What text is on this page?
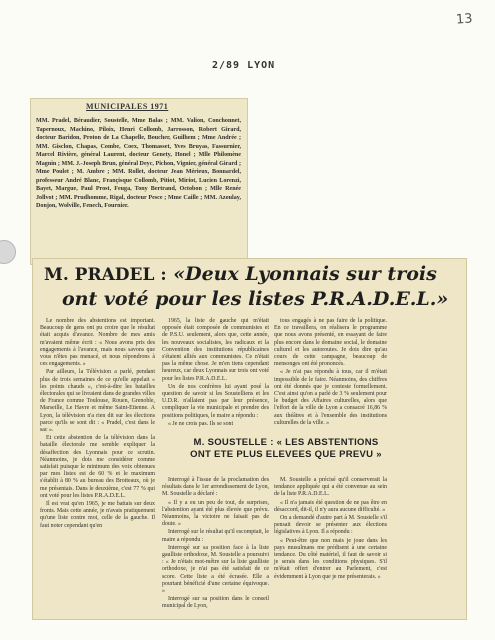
13
2/89 LYON
MUNICIPALES 1971
MM. Pradel, Béraudier, Soustelle, Mme Balas ; MM. Valion, Conchonnet, Tapernoux, Machino, Piloix, Henri Collomb, Jarrosson, Robert Girard, docteur Baridon, Proton de La Chapelle, Boucher, Guilhem ; Mme Andrée ; MM. Gisclon, Chapas, Combe, Coex, Thomasset, Yves Bruyas, Fassurnier, Marcel Rivière, général Laurent, docteur Genety, Honel ; Mlle Philomène Magnin ; MM. J.-Joseph Brun, général Deyc, Pichon, Vignier, général Girard ; Mme Poulet ; M. Ambre ; MM. Rollet, docteur Jean Mérieux, Bonnardel, professeur André Blanc, Françisque Collomb, Pitiot, Miriot, Lucien Lorenzi, Bayet, Margue, Paul Prost, Feuga, Tony Bertrand, Octobon ; Mlle Renée Jollvot ; MM. Prudhomme, Rigal, docteur Pesce ; Mme Caille ; MM. Azoulay, Donjon, Wolville, Fenech, Fournier.
M. PRADEL : «Deux Lyonnais sur trois
ont voté pour les listes P.R.A.D.E.L.»

Le nombre des abstentions est important. Beaucoup de gens ont pu croire que le résultat était acquis d'avance. Nombre de mes amis m'avaient même écrit : « Nous avons pris des engagements à l'avance, mais nous savons que vous n'êtes pas menacé, et nous répondrons à ces engagements. »

Par ailleurs, la Télévision a parlé, pendant plus de trois semaines de ce qu'elle appelait « les points chauds », c'est-à-dire les batailles électorales qui se livraient dans de grandes villes de France comme Toulouse, Rouen, Grenoble, Marseille, Le Havre et même Saint-Etienne. A Lyon, la télévision n'a rien dit sur les élections parce qu'ils se sont dit : « Pradel, c'est dans le sac ».

Et cette abstention de la télévision dans la bataille électorale me semble expliquer la désaffection des Lyonnais pour ce scrutin. Néanmoins, je dois me considérer comme satisfait puisque le minimum des voix obtenues par mes listes est de 60 % et le maximum s'établit à 80 % au bureau des Brotteaux, où je me présentais. Dans le deuxième, c'est 77 % qui ont voté pour les listes P.R.A.D.E.L.

Il est vrai qu'en 1965, je me battais sur deux fronts. Mais cette année, je n'avais pratiquement qu'une liste contre moi, celle de la gauche. Il faut noter cependant qu'en

1965, la liste de gauche qui m'était opposée était composée de communistes et de P.S.U. seulement, alors que, cette année, les nouveaux socialistes, les radicaux et la Convention des institutions républicaines s'étaient alliés aux communistes. Ce n'était pas la même chose. Je m'en tiens cependant heureux, car deux Lyonnais sur trois ont voté pour les listes P.R.A.D.E.L.

Un de nos confrères lui ayant posé la question de savoir si les Soustelliens et les U.D.R. n'allaient pas par leur présence, compliquer la vie municipale et prendre des positions politiques, le maire a répondu :

« Je ne crois pas. Ils se sont

tous engagés à ne pas faire de la politique. En ce travaillera, on réalisera le programme que nous avons présenté, en essayant de faire plus encore dans le domaine social, le domaine culturel et les autoroutes. Je dois dire qu'au cours de cette campagne, beaucoup de mensonges ont été prononcés.

« Je n'ai pas répondu à tous, car il m'était impossible de le faire. Néanmoins, des chiffres ont été donnés que je conteste formellement. C'est ainsi qu'on a parlé de 3 % seulement pour le budget des Affaires culturelles, alors que l'effort de la ville de Lyon a consacré 16,86 % aux théâtres et à l'ensemble des institutions culturelles de la ville. »

M. SOUSTELLE : « LES ABSTENTIONS ONT ETE PLUS ELEVEES QUE PREVU »

Interrogé à l'issue de la proclamation des résultats dans le 1er arrondissement de Lyon, M. Soustelle a déclaré :

« Il y a eu un peu de tout, de surprises, l'abstention ayant été plus élevée que prévu. Néanmoins, la victoire ne faisait pas de doute. »

Interrogé sur le résultat qu'il escomptait, le maire a répondu :

Interrogé sur sa position face à la liste gaulliste orthodoxe, M. Soustelle a poursuivi : « Je n'étais mot-mêtre sur la liste gaulliste orthodoxe, je n'ai pas été satisfait de ce score. Cette liste a été écrasée. Elle a pourtant bénéficié d'une certaine équivoque. »

Interrogé sur sa position dans le conseil municipal de Lyon,

M. Soustelle a précisé qu'il conserverait la tendance appliquée qui a été convenue au sein de la liste P.R.A.D.E.L.

« Il n'a jamais été question de ne pas être en désaccord, dit-il, il n'y aura aucune difficulté. »

On a demandé d'autre part à M. Soustelle s'il pensait devoir se présenter aux élections législatives à Lyon. Il a répondu :

« Peut-être que non mais je joue dans les pays musulmans me prédisent à une certaine tendance. Du côté matériel, il faut de savoir si je serais dans les conditions physiques. S'il m'était offert d'entrer au Parlement, c'est évidemment à Lyon que je me présenterais. »
